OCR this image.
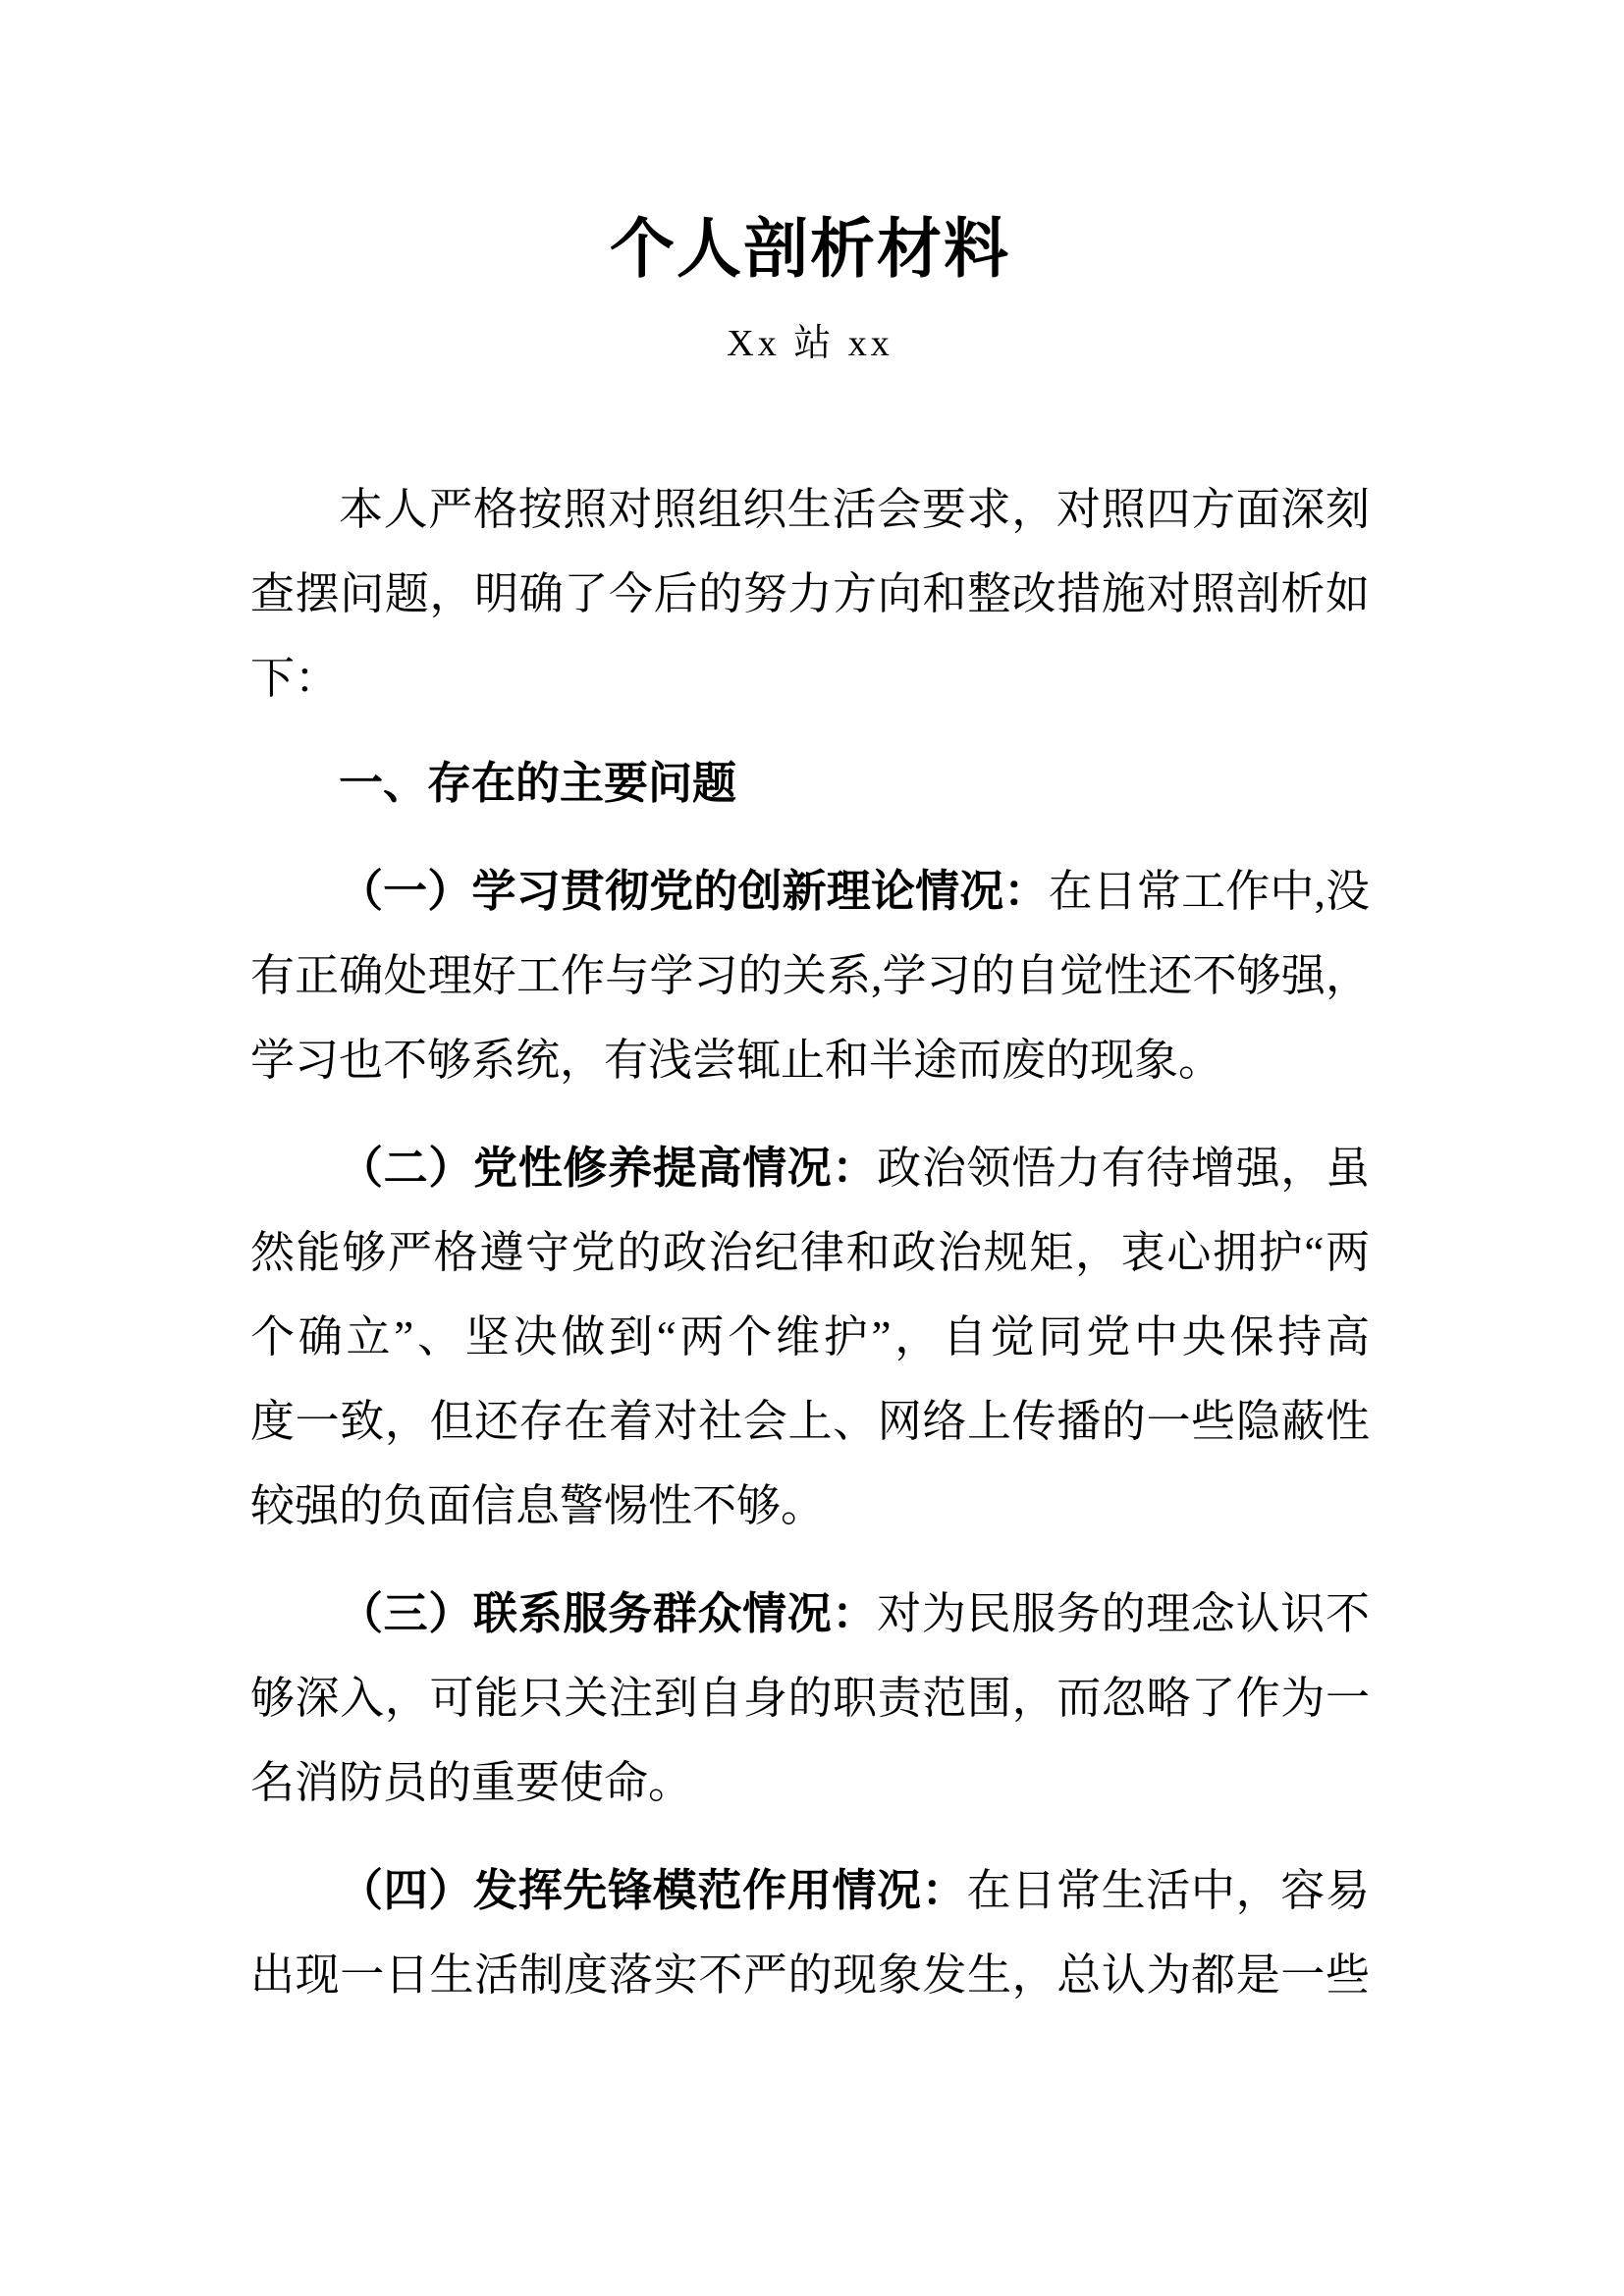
个人剖析材料
Xx 站 xx
本人严格按照对照组织生活会要求，对照四方面深刻
查摆问题，明确了今后的努力方向和整改措施对照剖析如
下：
一、存在的主要问题
（一）学习贯彻党的创新理论情况：在日常工作中,没
有正确处理好工作与学习的关系,学习的自觉性还不够强，
学习也不够系统，有浅尝辄止和半途而废的现象。
（二）党性修养提高情况：政治领悟力有待增强，虽
然能够严格遵守党的政治纪律和政治规矩，衷心拥护“两
个确立”、坚决做到“两个维护”，自觉同党中央保持高
度一致，但还存在着对社会上、网络上传播的一些隐蔽性
较强的负面信息警惕性不够。
（三）联系服务群众情况：对为民服务的理念认识不
够深入，可能只关注到自身的职责范围，而忽略了作为一
名消防员的重要使命。
（四）发挥先锋模范作用情况：在日常生活中，容易
出现一日生活制度落实不严的现象发生，总认为都是一些
